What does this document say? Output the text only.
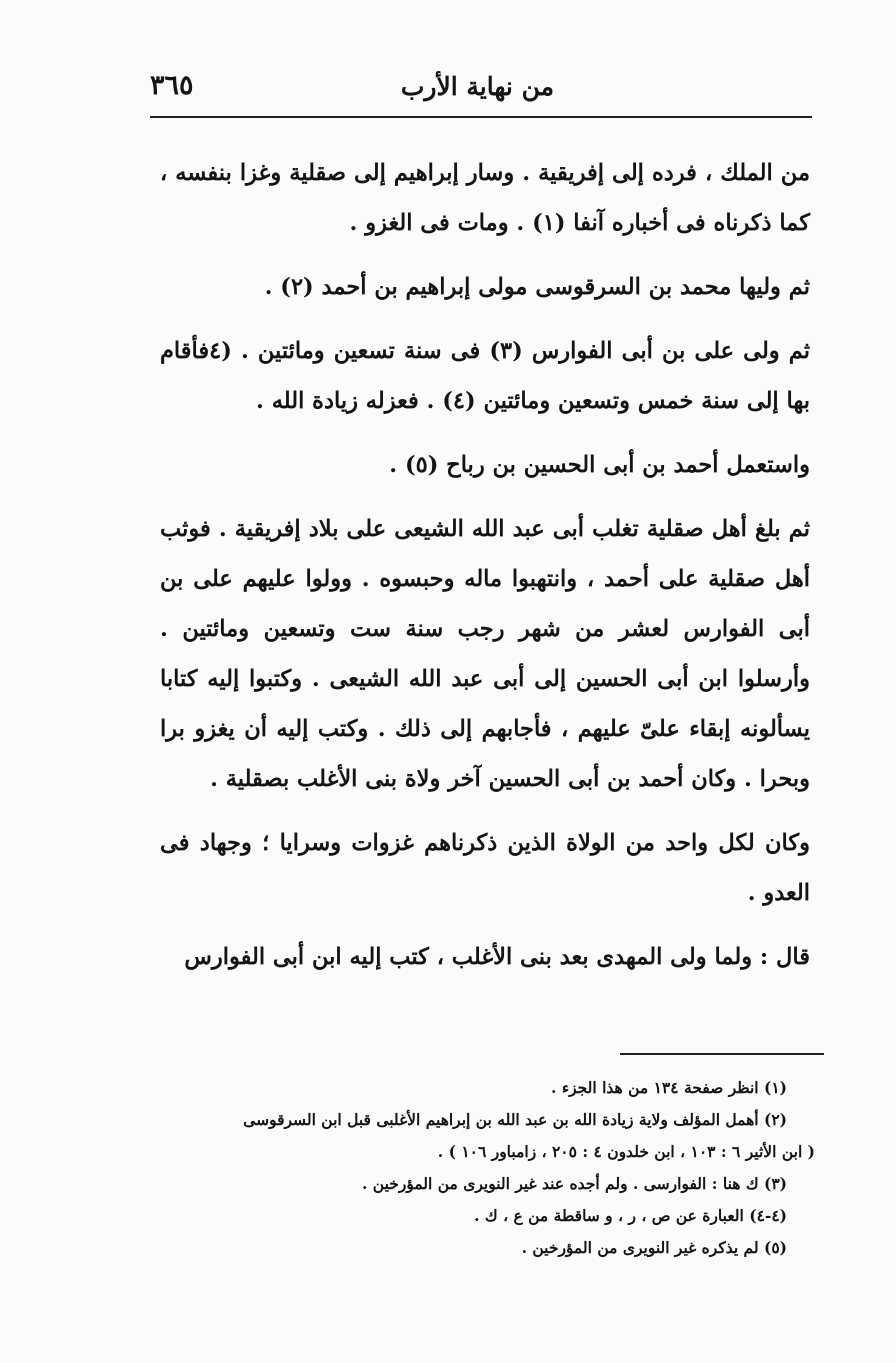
من نهاية الأرب
٣٦٥

من الملك ، فرده إلى إفريقية . وسار إبراهيم إلى صقلية وغزا بنفسه ، كما ذكرناه فى أخباره آنفا (١) . ومات فى الغزو .

ثم وليها محمد بن السرقوسى مولى إبراهيم بن أحمد (٢) .

ثم ولى على بن أبى الفوارس (٣) فى سنة تسعين ومائتين . (٤فأقام بها إلى سنة خمس وتسعين ومائتين (٤) . فعزله زيادة الله .

واستعمل أحمد بن أبى الحسين بن رباح (٥) .

ثم بلغ أهل صقلية تغلب أبى عبد الله الشيعى على بلاد إفريقية . فوثب أهل صقلية على أحمد ، وانتهبوا ماله وحبسوه . وولوا عليهم على بن أبى الفوارس لعشر من شهر رجب سنة ست وتسعين ومائتين . وأرسلوا ابن أبى الحسين إلى أبى عبد الله الشيعى . وكتبوا إليه كتابا يسألونه إبقاء علىّ عليهم ، فأجابهم إلى ذلك . وكتب إليه أن يغزو برا وبحرا . وكان أحمد بن أبى الحسين آخر ولاة بنى الأغلب بصقلية .

وكان لكل واحد من الولاة الذين ذكرناهم غزوات وسرايا ؛ وجهاد فى العدو .

قال : ولما ولى المهدى بعد بنى الأغلب ، كتب إليه ابن أبى الفوارس

(١) انظر صفحة ١٣٤ من هذا الجزء .

(٢) أهمل المؤلف ولاية زيادة الله بن عبد الله بن إبراهيم الأغلبى قبل ابن السرقوسى

( ابن الأثير ٦ : ١٠٣ ، ابن خلدون ٤ : ٢٠٥ ، زامباور ١٠٦ ) .

(٣) ك هنا : الفوارسى . ولم أجده عند غير النويرى من المؤرخين .

(٤-٤) العبارة عن ص ، ر ، و ساقطة من ع ، ك .

(٥) لم يذكره غير النويرى من المؤرخين .
